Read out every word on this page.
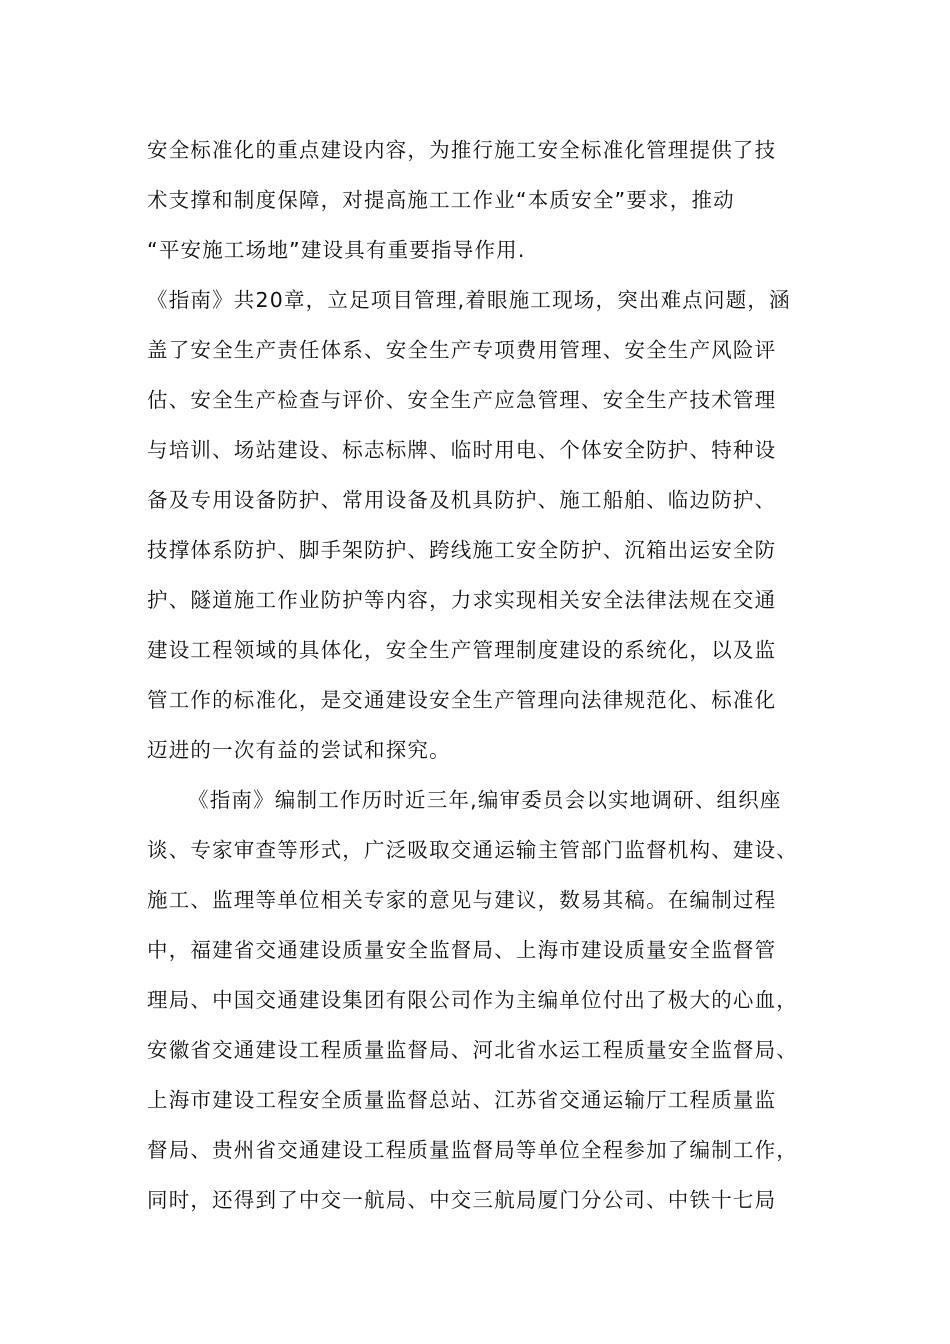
安全标准化的重点建设内容，为推行施工安全标准化管理提供了技
术支撑和制度保障，对提高施工工作业“本质安全”要求，推动
“平安施工场地”建设具有重要指导作用.
《指南》共20章，立足项目管理,着眼施工现场，突出难点问题，涵
盖了安全生产责任体系、安全生产专项费用管理、安全生产风险评
估、安全生产检查与评价、安全生产应急管理、安全生产技术管理
与培训、场站建设、标志标牌、临时用电、个体安全防护、特种设
备及专用设备防护、常用设备及机具防护、施工船舶、临边防护、
技撑体系防护、脚手架防护、跨线施工安全防护、沉箱出运安全防
护、隧道施工作业防护等内容，力求实现相关安全法律法规在交通
建设工程领域的具体化，安全生产管理制度建设的系统化，以及监
管工作的标准化，是交通建设安全生产管理向法律规范化、标准化
迈进的一次有益的尝试和探究。
《指南》编制工作历时近三年,编审委员会以实地调研、组织座
谈、专家审查等形式，广泛吸取交通运输主管部门监督机构、建设、
施工、监理等单位相关专家的意见与建议，数易其稿。在编制过程
中，福建省交通建设质量安全监督局、上海市建设质量安全监督管
理局、中国交通建设集团有限公司作为主编单位付出了极大的心血，
安徽省交通建设工程质量监督局、河北省水运工程质量安全监督局、
上海市建设工程安全质量监督总站、江苏省交通运输厅工程质量监
督局、贵州省交通建设工程质量监督局等单位全程参加了编制工作，
同时，还得到了中交一航局、中交三航局厦门分公司、中铁十七局
